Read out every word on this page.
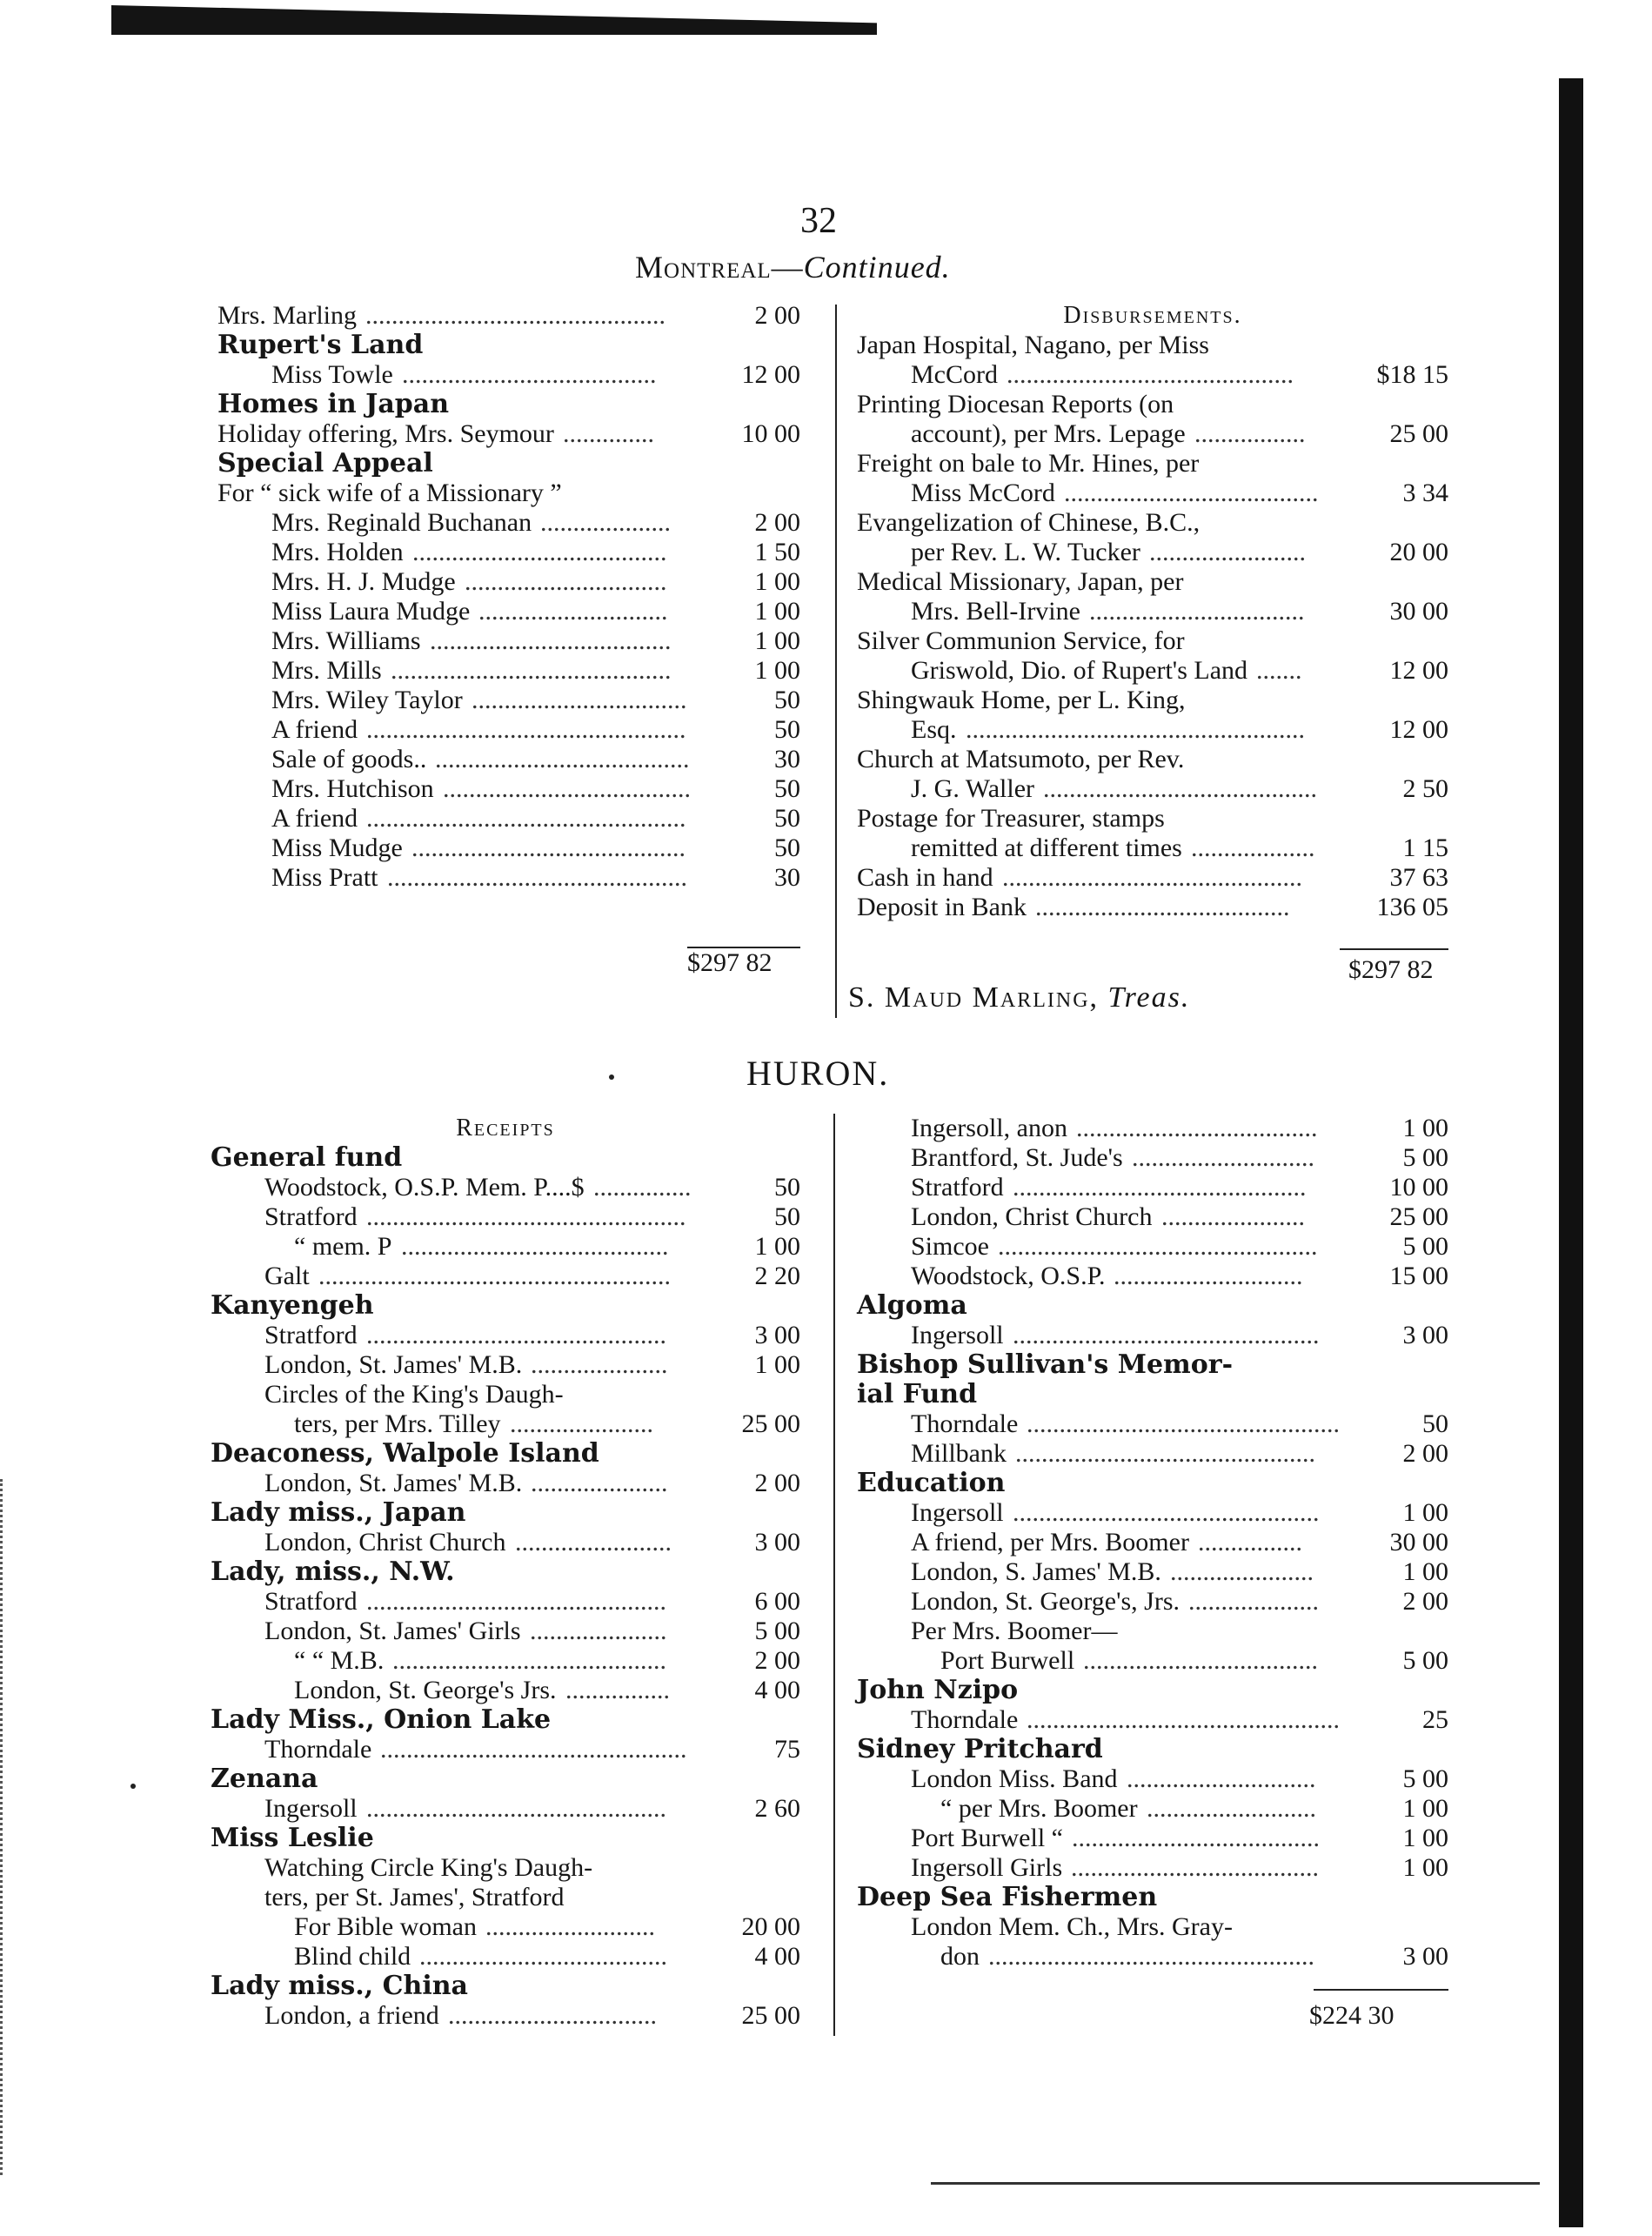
32
Montreal—Continued.
Mrs. Marling	2 00
..............................................
Rupert's Land
Miss Towle	12 00
.......................................
Homes in Japan
Holiday offering, Mrs. Seymour	10 00
..............
Special Appeal
For “ sick wife of a Missionary ”
Mrs. Reginald Buchanan	2 00
....................
Mrs. Holden	1 50
.......................................
Mrs. H. J. Mudge	1 00
...............................
Miss Laura Mudge	1 00
.............................
Mrs. Williams	1 00
.....................................
Mrs. Mills	1 00
...........................................
Mrs. Wiley Taylor	50
.................................
A friend	50
.................................................
Sale of goods..	30
.......................................
Mrs. Hutchison	50
......................................
A friend	50
.................................................
Miss Mudge	50
..........................................
Miss Pratt	30
..............................................
$297 82
Disbursements.
Japan Hospital, Nagano, per Miss
McCord	$18 15
............................................
Printing Diocesan Reports (on
account), per Mrs. Lepage	25 00
.................
Freight on bale to Mr. Hines, per
Miss McCord	3 34
.......................................
Evangelization of Chinese, B.C.,
per Rev. L. W. Tucker	20 00
........................
Medical Missionary, Japan, per
Mrs. Bell-Irvine	30 00
.................................
Silver Communion Service, for
Griswold, Dio. of Rupert's Land	12 00
.......
Shingwauk Home, per L. King,
Esq.	12 00
....................................................
Church at Matsumoto, per Rev.
J. G. Waller	2 50
..........................................
Postage for Treasurer, stamps
remitted at different times	1 15
...................
Cash in hand	37 63
..............................................
Deposit in Bank	136 05
.......................................
$297 82
S. Maud Marling, Treas.
HURON.
Receipts
General fund
Woodstock, O.S.P. Mem. P....$	50
...............
Stratford	50
.................................................
“ mem. P	1 00
.........................................
Galt	2 20
......................................................
Kanyengeh
Stratford	3 00
..............................................
London, St. James' M.B.	1 00
.....................
Circles of the King's Daugh-
ters, per Mrs. Tilley	25 00
......................
Deaconess, Walpole Island
London, St. James' M.B.	2 00
.....................
Lady miss., Japan
London, Christ Church	3 00
........................
Lady, miss., N.W.
Stratford	6 00
..............................................
London, St. James' Girls	5 00
.....................
“ “ M.B.	2 00
..........................................
London, St. George's Jrs.	4 00
................
Lady Miss., Onion Lake
Thorndale	75
...............................................
Zenana
Ingersoll	2 60
..............................................
Miss Leslie
Watching Circle King's Daugh-
ters, per St. James', Stratford
For Bible woman	20 00
..........................
Blind child	4 00
......................................
Lady miss., China
London, a friend	25 00
................................
Ingersoll, anon	1 00
.....................................
Brantford, St. Jude's	5 00
............................
Stratford	10 00
.............................................
London, Christ Church	25 00
......................
Simcoe	5 00
.................................................
Woodstock, O.S.P.	15 00
.............................
Algoma
Ingersoll	3 00
...............................................
Bishop Sullivan's Memor-
ial Fund
Thorndale	50
................................................
Millbank	2 00
..............................................
Education
Ingersoll	1 00
...............................................
A friend, per Mrs. Boomer	30 00
................
London, S. James' M.B.	1 00
......................
London, St. George's, Jrs.	2 00
....................
Per Mrs. Boomer—
Port Burwell	5 00
....................................
John Nzipo
Thorndale	25
................................................
Sidney Pritchard
London Miss. Band	5 00
.............................
“ per Mrs. Boomer	1 00
..........................
Port Burwell “	1 00
......................................
Ingersoll Girls	1 00
......................................
Deep Sea Fishermen
London Mem. Ch., Mrs. Gray-
don	3 00
..................................................
$224 30
